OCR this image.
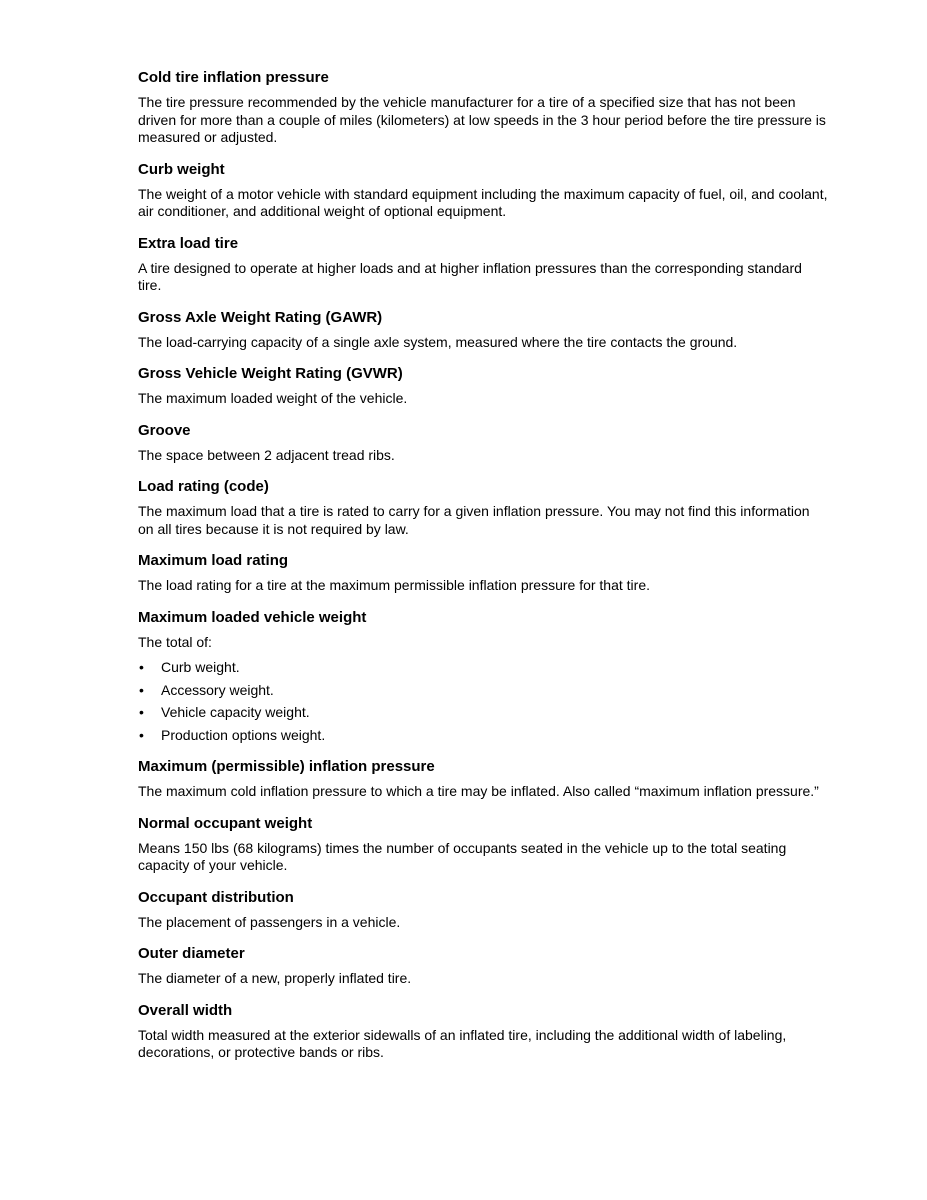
Cold tire inflation pressure

The tire pressure recommended by the vehicle manufacturer for a tire of a specified size that has not been driven for more than a couple of miles (kilometers) at low speeds in the 3 hour period before the tire pressure is measured or adjusted.

Curb weight

The weight of a motor vehicle with standard equipment including the maximum capacity of fuel, oil, and coolant, air conditioner, and additional weight of optional equipment.

Extra load tire

A tire designed to operate at higher loads and at higher inflation pressures than the corresponding standard tire.

Gross Axle Weight Rating (GAWR)

The load-carrying capacity of a single axle system, measured where the tire contacts the ground.

Gross Vehicle Weight Rating (GVWR)

The maximum loaded weight of the vehicle.

Groove

The space between 2 adjacent tread ribs.

Load rating (code)

The maximum load that a tire is rated to carry for a given inflation pressure. You may not find this information on all tires because it is not required by law.

Maximum load rating

The load rating for a tire at the maximum permissible inflation pressure for that tire.

Maximum loaded vehicle weight

The total of:

• Curb weight.
• Accessory weight.
• Vehicle capacity weight.
• Production options weight.
Maximum (permissible) inflation pressure

The maximum cold inflation pressure to which a tire may be inflated. Also called “maximum inflation pressure.”

Normal occupant weight

Means 150 lbs (68 kilograms) times the number of occupants seated in the vehicle up to the total seating capacity of your vehicle.

Occupant distribution

The placement of passengers in a vehicle.

Outer diameter

The diameter of a new, properly inflated tire.

Overall width

Total width measured at the exterior sidewalls of an inflated tire, including the additional width of labeling, decorations, or protective bands or ribs.
